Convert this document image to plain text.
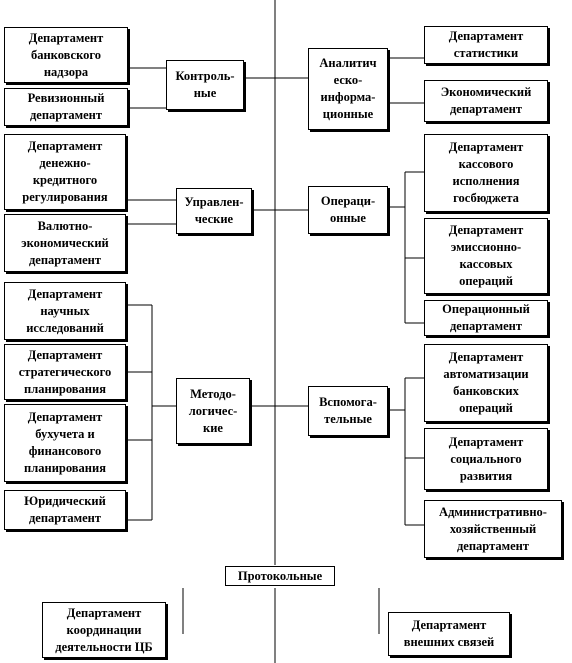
Департамент
банковского
надзора
Ревизионный
департамент
Департамент
денежно-
кредитного
регулирования
Валютно-
экономический
департамент
Департамент
научных
исследований
Департамент
стратегического
планирования
Департамент
бухучета и
финансового
планирования
Юридический
департамент
Контроль-
ные
Управлен-
ческие
Методо-
логичес-
кие
Аналитич
еско-
информа-
ционные
Операци-
онные
Вспомога-
тельные
Департамент
статистики
Экономический
департамент
Департамент
кассового
исполнения
госбюджета
Департамент
эмиссионно-
кассовых
операций
Операционный
департамент
Департамент
автоматизации
банковских
операций
Департамент
социального
развития
Административно-
хозяйственный
департамент
Протокольные
Департамент
координации
деятельности ЦБ
Департамент
внешних связей
